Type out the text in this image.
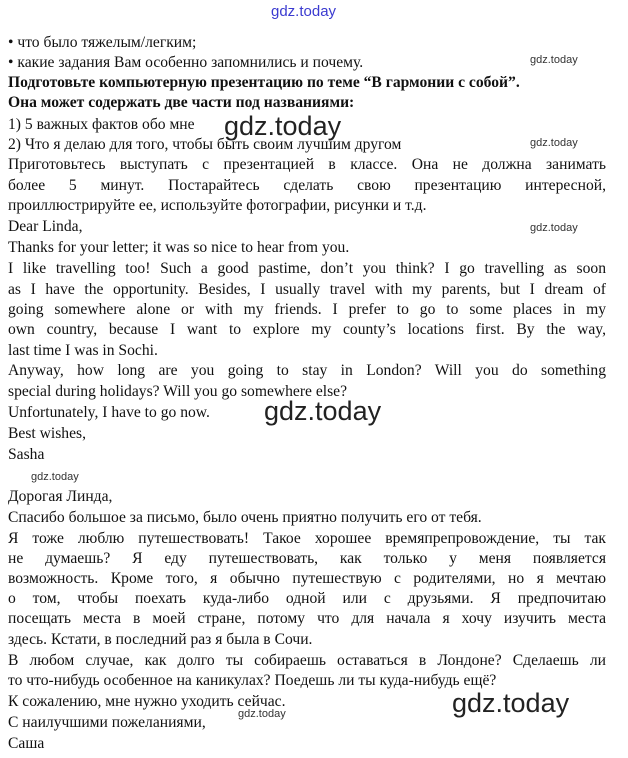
gdz.today
gdz.today
gdz.today
gdz.today
gdz.today
gdz.today
gdz.today
gdz.today
gdz.today
• что было тяжелым/легким;
• какие задания Вам особенно запомнились и почему.
Подготовьте компьютерную презентацию по теме “В гармонии с собой”.
Она может содержать две части под названиями:
1) 5 важных фактов обо мне
2) Что я делаю для того, чтобы быть своим лучшим другом
Приготовьтесь выступать с презентацией в классе. Она не должна занимать
более 5 минут. Постарайтесь сделать свою презентацию интересной,
проиллюстрируйте ее, используйте фотографии, рисунки и т.д.
Dear Linda,
Thanks for your letter; it was so nice to hear from you.
I like travelling too! Such a good pastime, don’t you think? I go travelling as soon
as I have the opportunity. Besides, I usually travel with my parents, but I dream of
going somewhere alone or with my friends. I prefer to go to some places in my
own country, because I want to explore my county’s locations first. By the way,
last time I was in Sochi.
Anyway, how long are you going to stay in London? Will you do something
special during holidays? Will you go somewhere else?
Unfortunately, I have to go now.
Best wishes,
Sasha
Дорогая Линда,
Спасибо большое за письмо, было очень приятно получить его от тебя.
Я тоже люблю путешествовать! Такое хорошее времяпрепровождение, ты так
не думаешь? Я еду путешествовать, как только у меня появляется
возможность. Кроме того, я обычно путешествую с родителями, но я мечтаю
о том, чтобы поехать куда-либо одной или с друзьями. Я предпочитаю
посещать места в моей стране, потому что для начала я хочу изучить места
здесь. Кстати, в последний раз я была в Сочи.
В любом случае, как долго ты собираешь оставаться в Лондоне? Сделаешь ли
то что-нибудь особенное на каникулах? Поедешь ли ты куда-нибудь ещё?
К сожалению, мне нужно уходить сейчас.
С наилучшими пожеланиями,
Саша
